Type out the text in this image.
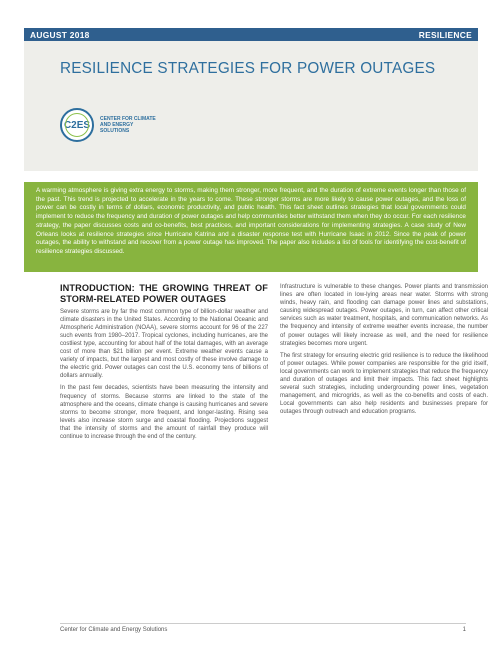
AUGUST 2018	RESILIENCE
RESILIENCE STRATEGIES FOR POWER OUTAGES
C2ES
CENTER FOR CLIMATE AND ENERGY SOLUTIONS
A warming atmosphere is giving extra energy to storms, making them stronger, more frequent, and the duration of extreme events longer than those of the past. This trend is projected to accelerate in the years to come. These stronger storms are more likely to cause power outages, and the loss of power can be costly in terms of dollars, economic productivity, and public health. This fact sheet outlines strategies that local governments could implement to reduce the frequency and duration of power outages and help communities better withstand them when they do occur. For each resilience strategy, the paper discusses costs and co-benefits, best practices, and important considerations for implementing strategies. A case study of New Orleans looks at resilience strategies since Hurricane Katrina and a disaster response test with Hurricane Isaac in 2012. Since the peak of power outages, the ability to withstand and recover from a power outage has improved. The paper also includes a list of tools for identifying the cost-benefit of resilience strategies discussed.
INTRODUCTION: THE GROWING THREAT OF STORM-RELATED POWER OUTAGES

Severe storms are by far the most common type of billion-dollar weather and climate disasters in the United States. According to the National Oceanic and Atmospheric Administration (NOAA), severe storms account for 96 of the 227 such events from 1980–2017. Tropical cyclones, including hurricanes, are the costliest type, accounting for about half of the total damages, with an average cost of more than $21 billion per event. Extreme weather events cause a variety of impacts, but the largest and most costly of these involve damage to the electric grid. Power outages can cost the U.S. economy tens of billions of dollars annually.

In the past few decades, scientists have been measuring the intensity and frequency of storms. Because storms are linked to the state of the atmosphere and the oceans, climate change is causing hurricanes and severe storms to become stronger, more frequent, and longer-lasting. Rising sea levels also increase storm surge and coastal flooding. Projections suggest that the intensity of storms and the amount of rainfall they produce will continue to increase through the end of the century.

Infrastructure is vulnerable to these changes. Power plants and transmission lines are often located in low-lying areas near water. Storms with strong winds, heavy rain, and flooding can damage power lines and substations, causing widespread outages. Power outages, in turn, can affect other critical services such as water treatment, hospitals, and communication networks. As the frequency and intensity of extreme weather events increase, the number of power outages will likely increase as well, and the need for resilience strategies becomes more urgent.

The first strategy for ensuring electric grid resilience is to reduce the likelihood of power outages. While power companies are responsible for the grid itself, local governments can work to implement strategies that reduce the frequency and duration of outages and limit their impacts. This fact sheet highlights several such strategies, including undergrounding power lines, vegetation management, and microgrids, as well as the co-benefits and costs of each. Local governments can also help residents and businesses prepare for outages through outreach and education programs.

Center for Climate and Energy Solutions	1
